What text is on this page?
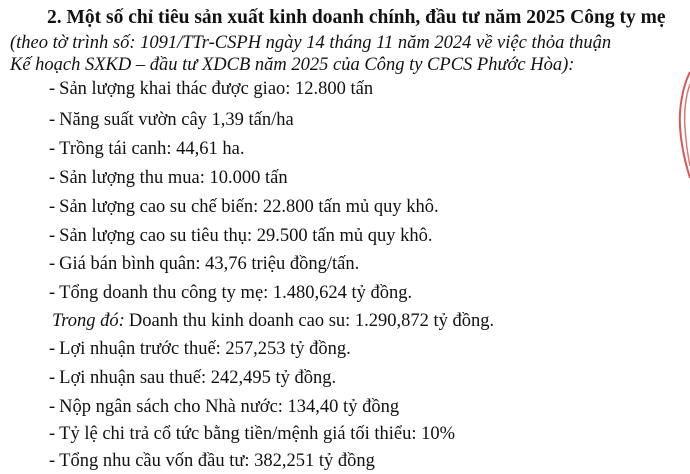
2. Một số chỉ tiêu sản xuất kinh doanh chính, đầu tư năm 2025 Công ty mẹ

(theo tờ trình số: 1091/TTr-CSPH ngày 14 tháng 11 năm 2024 về việc thỏa thuận

Kế hoạch SXKD – đầu tư XDCB năm 2025 của Công ty CPCS Phước Hòa):

- Sản lượng khai thác được giao: 12.800 tấn

- Năng suất vườn cây 1,39 tấn/ha

- Trồng tái canh: 44,61 ha.

- Sản lượng thu mua: 10.000 tấn

- Sản lượng cao su chế biến: 22.800 tấn mủ quy khô.

- Sản lượng cao su tiêu thụ: 29.500 tấn mủ quy khô.

- Giá bán bình quân: 43,76 triệu đồng/tấn.

- Tổng doanh thu công ty mẹ: 1.480,624 tỷ đồng.

Trong đó: Doanh thu kinh doanh cao su: 1.290,872 tỷ đồng.

- Lợi nhuận trước thuế: 257,253 tỷ đồng.

- Lợi nhuận sau thuế: 242,495 tỷ đồng.

- Nộp ngân sách cho Nhà nước: 134,40 tỷ đồng

- Tỷ lệ chi trả cổ tức bằng tiền/mệnh giá tối thiểu: 10%

- Tổng nhu cầu vốn đầu tư: 382,251 tỷ đồng
